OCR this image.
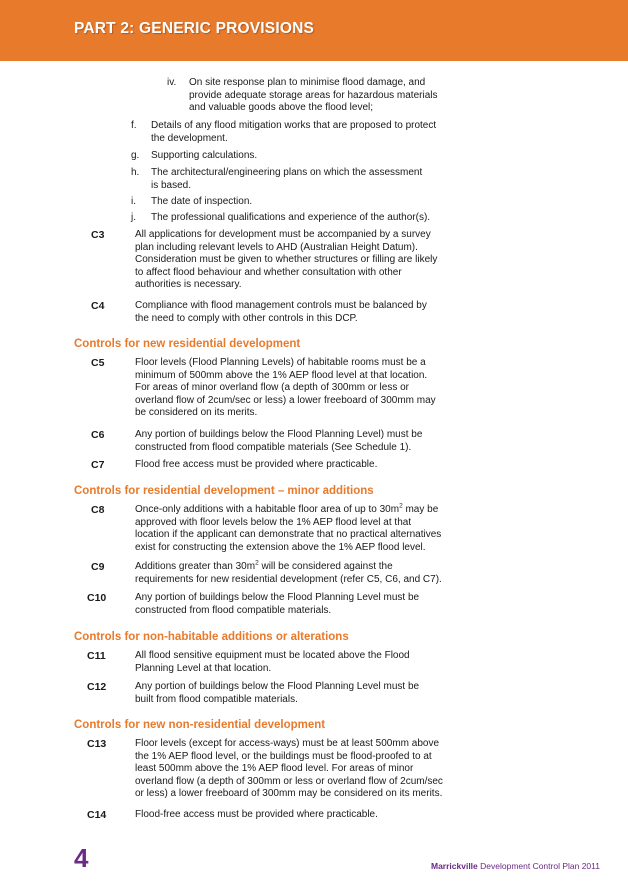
PART 2: GENERIC PROVISIONS
iv. On site response plan to minimise flood damage, and provide adequate storage areas for hazardous materials and valuable goods above the flood level;
f. Details of any flood mitigation works that are proposed to protect the development.
g. Supporting calculations.
h. The architectural/engineering plans on which the assessment is based.
i. The date of inspection.
j. The professional qualifications and experience of the author(s).
C3	All applications for development must be accompanied by a survey plan including relevant levels to AHD (Australian Height Datum). Consideration must be given to whether structures or filling are likely to affect flood behaviour and whether consultation with other authorities is necessary.
C4	Compliance with flood management controls must be balanced by the need to comply with other controls in this DCP.
Controls for new residential development
C5	Floor levels (Flood Planning Levels) of habitable rooms must be a minimum of 500mm above the 1% AEP flood level at that location. For areas of minor overland flow (a depth of 300mm or less or overland flow of 2cum/sec or less) a lower freeboard of 300mm may be considered on its merits.
C6	Any portion of buildings below the Flood Planning Level) must be constructed from flood compatible materials (See Schedule 1).
C7	Flood free access must be provided where practicable.
Controls for residential development – minor additions
C8	Once-only additions with a habitable floor area of up to $30m^2$ may be approved with floor levels below the 1% AEP flood level at that location if the applicant can demonstrate that no practical alternatives exist for constructing the extension above the 1% AEP flood level.
C9	Additions greater than $30m^2$ will be considered against the requirements for new residential development (refer C5, C6, and C7).
C10	Any portion of buildings below the Flood Planning Level must be constructed from flood compatible materials.
Controls for non-habitable additions or alterations
C11	All flood sensitive equipment must be located above the Flood Planning Level at that location.
C12	Any portion of buildings below the Flood Planning Level must be built from flood compatible materials.
Controls for new non-residential development
C13	Floor levels (except for access-ways) must be at least 500mm above the 1% AEP flood level, or the buildings must be flood-proofed to at least 500mm above the 1% AEP flood level. For areas of minor overland flow (a depth of 300mm or less or overland flow of 2cum/sec or less) a lower freeboard of 300mm may be considered on its merits.
C14	Flood-free access must be provided where practicable.
4	Marrickville Development Control Plan 2011
